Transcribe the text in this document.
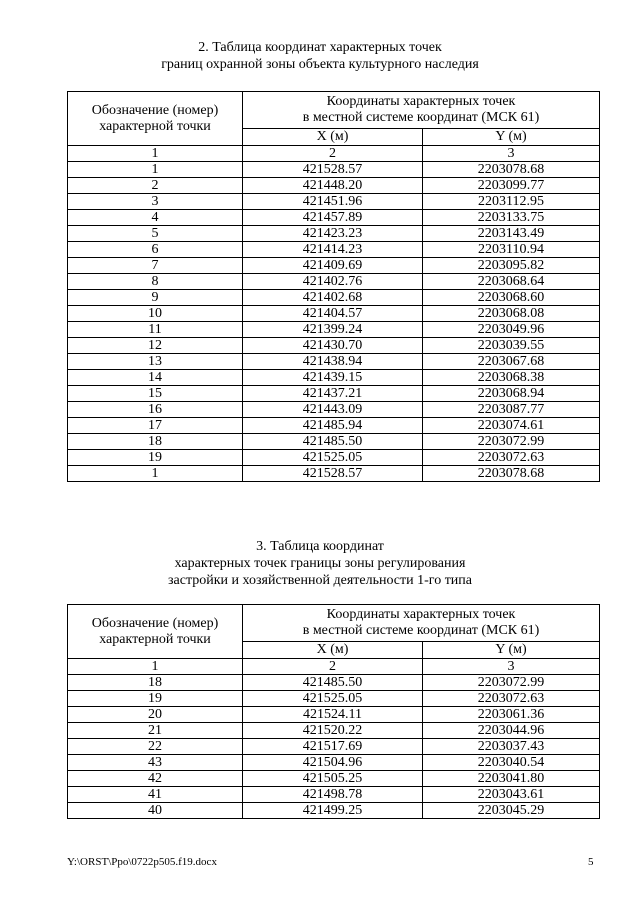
2. Таблица координат характерных точек
границ охранной зоны объекта культурного наследия
Обозначение (номер) характерной точки	Координаты характерных точек
в местной системе координат (МСК 61)	

	X (м)	Y (м)
1	2	3
1	421528.57	2203078.68
2	421448.20	2203099.77
3	421451.96	2203112.95
4	421457.89	2203133.75
5	421423.23	2203143.49
6	421414.23	2203110.94
7	421409.69	2203095.82
8	421402.76	2203068.64
9	421402.68	2203068.60
10	421404.57	2203068.08
11	421399.24	2203049.96
12	421430.70	2203039.55
13	421438.94	2203067.68
14	421439.15	2203068.38
15	421437.21	2203068.94
16	421443.09	2203087.77
17	421485.94	2203074.61
18	421485.50	2203072.99
19	421525.05	2203072.63
1	421528.57	2203078.68
3. Таблица координат
характерных точек границы зоны регулирования
застройки и хозяйственной деятельности 1-го типа
Обозначение (номер) характерной точки	Координаты характерных точек
в местной системе координат (МСК 61)	

	X (м)	Y (м)
1	2	3
18	421485.50	2203072.99
19	421525.05	2203072.63
20	421524.11	2203061.36
21	421520.22	2203044.96
22	421517.69	2203037.43
43	421504.96	2203040.54
42	421505.25	2203041.80
41	421498.78	2203043.61
40	421499.25	2203045.29
Y:\ORST\Ppo\0722p505.f19.docx	5
